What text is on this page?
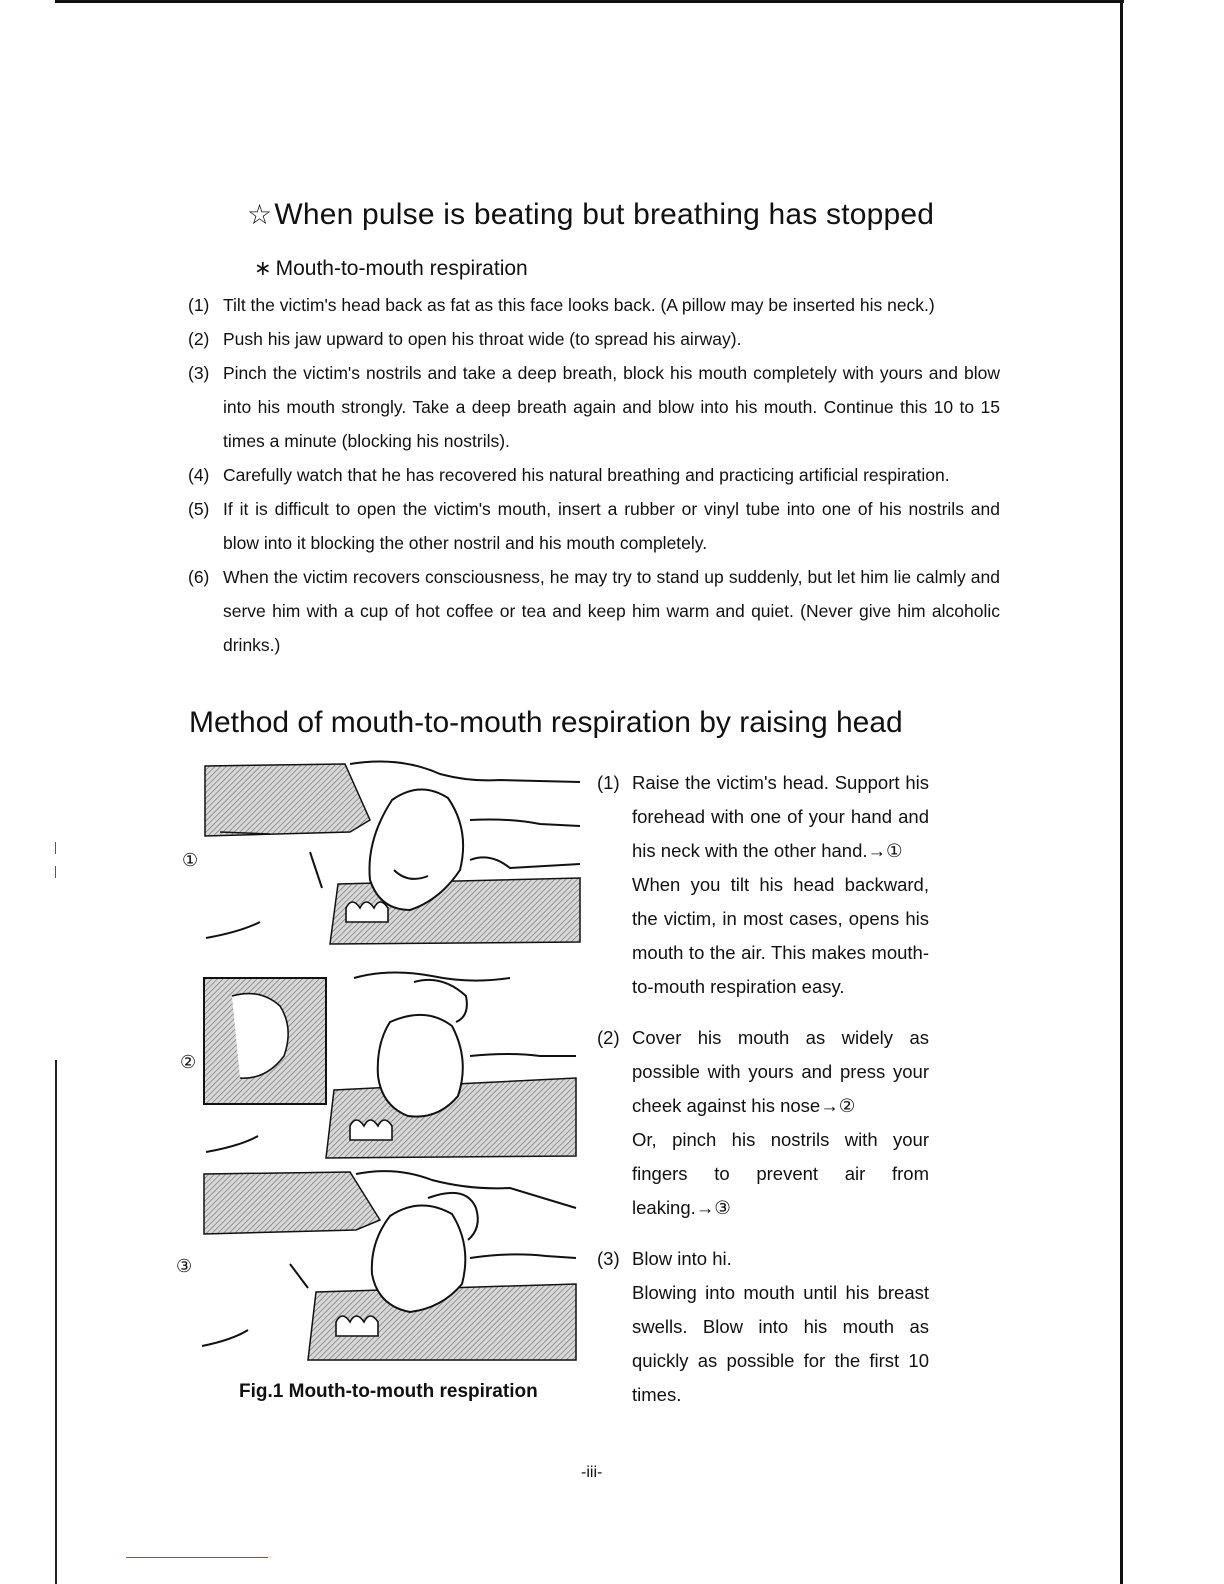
☆When pulse is beating but breathing has stopped
∗ Mouth-to-mouth respiration
(1) Tilt the victim's head back as fat as this face looks back. (A pillow may be inserted his neck.)
(2) Push his jaw upward to open his throat wide (to spread his airway).
(3) Pinch the victim's nostrils and take a deep breath, block his mouth completely with yours and blow into his mouth strongly. Take a deep breath again and blow into his mouth. Continue this 10 to 15 times a minute (blocking his nostrils).
(4) Carefully watch that he has recovered his natural breathing and practicing artificial respiration.
(5) If it is difficult to open the victim's mouth, insert a rubber or vinyl tube into one of his nostrils and blow into it blocking the other nostril and his mouth completely.
(6) When the victim recovers consciousness, he may try to stand up suddenly, but let him lie calmly and serve him with a cup of hot coffee or tea and keep him warm and quiet. (Never give him alcoholic drinks.)
Method of mouth-to-mouth respiration by raising head
①
②
③
Fig.1 Mouth-to-mouth respiration
(1) Raise the victim's head. Support his forehead with one of your hand and his neck with the other hand.→①

When you tilt his head backward, the victim, in most cases, opens his mouth to the air. This makes mouth-to-mouth respiration easy.

(2) Cover his mouth as widely as possible with yours and press your cheek against his nose→②

Or, pinch his nostrils with your fingers to prevent air from leaking.→③

(3) Blow into hi.

Blowing into mouth until his breast swells. Blow into his mouth as quickly as possible for the first 10 times.

-iii-
